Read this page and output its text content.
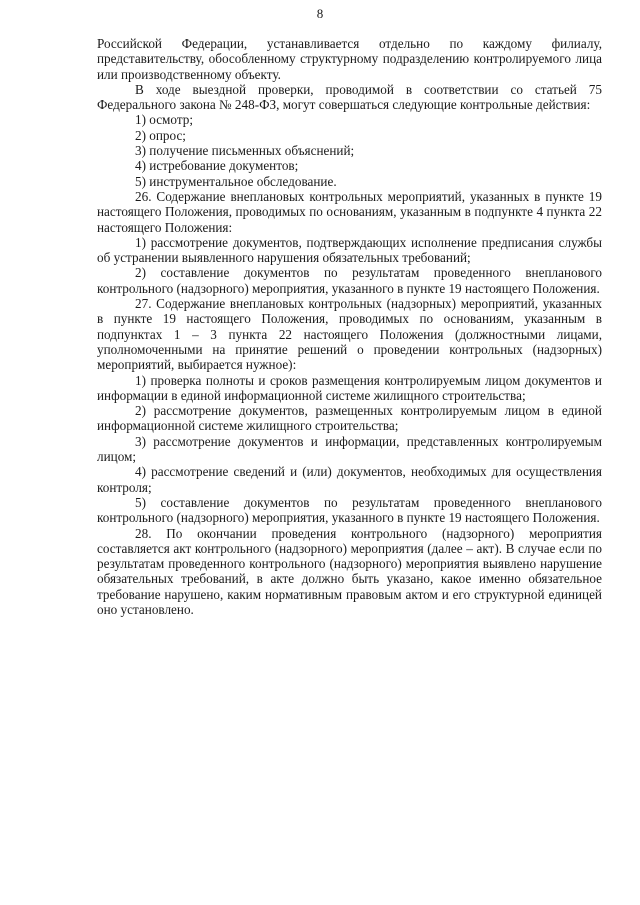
8

Российской Федерации, устанавливается отдельно по каждому филиалу, представительству, обособленному структурному подразделению контролируемого лица или производственному объекту.

В ходе выездной проверки, проводимой в соответствии со статьей 75 Федерального закона № 248-ФЗ, могут совершаться следующие контрольные действия:

1) осмотр;

2) опрос;

3) получение письменных объяснений;

4) истребование документов;

5) инструментальное обследование.

26. Содержание внеплановых контрольных мероприятий, указанных в пункте 19 настоящего Положения, проводимых по основаниям, указанным в подпункте 4 пункта 22 настоящего Положения:

1) рассмотрение документов, подтверждающих исполнение предписания службы об устранении выявленного нарушения обязательных требований;

2) составление документов по результатам проведенного внепланового контрольного (надзорного) мероприятия, указанного в пункте 19 настоящего Положения.

27. Содержание внеплановых контрольных (надзорных) мероприятий, указанных в пункте 19 настоящего Положения, проводимых по основаниям, указанным в подпунктах 1 – 3 пункта 22 настоящего Положения (должностными лицами, уполномоченными на принятие решений о проведении контрольных (надзорных) мероприятий, выбирается нужное):

1) проверка полноты и сроков размещения контролируемым лицом документов и информации в единой информационной системе жилищного строительства;

2) рассмотрение документов, размещенных контролируемым лицом в единой информационной системе жилищного строительства;

3) рассмотрение документов и информации, представленных контролируемым лицом;

4) рассмотрение сведений и (или) документов, необходимых для осуществления контроля;

5) составление документов по результатам проведенного внепланового контрольного (надзорного) мероприятия, указанного в пункте 19 настоящего Положения.

28. По окончании проведения контрольного (надзорного) мероприятия составляется акт контрольного (надзорного) мероприятия (далее – акт). В случае если по результатам проведенного контрольного (надзорного) мероприятия выявлено нарушение обязательных требований, в акте должно быть указано, какое именно обязательное требование нарушено, каким нормативным правовым актом и его структурной единицей оно установлено.
